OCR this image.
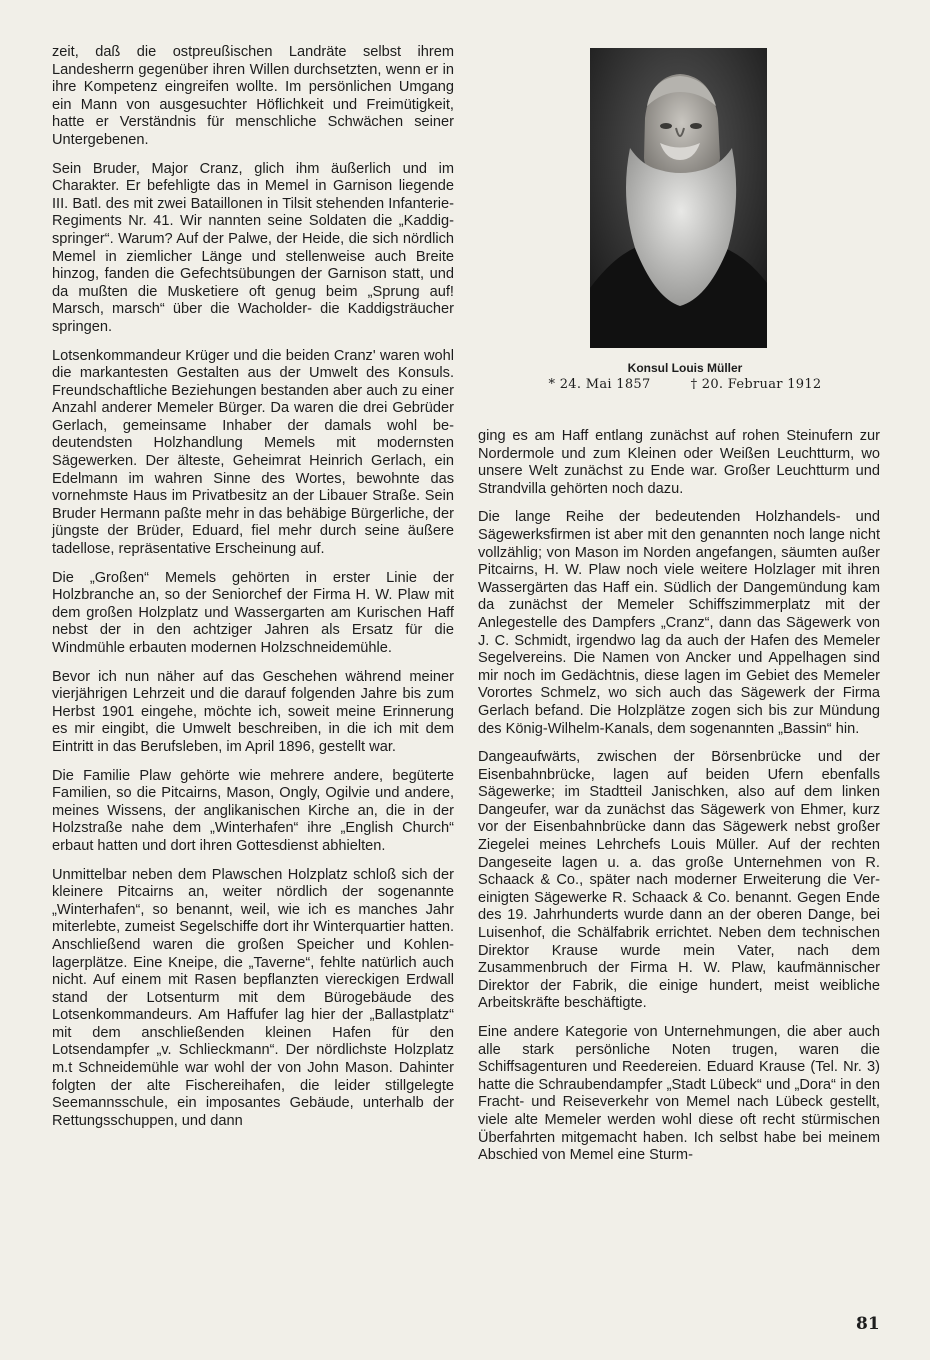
zeit, daß die ostpreußischen Landräte selbst ihrem Landesherrn gegenüber ihren Willen durchsetzten, wenn er in ihre Kompetenz eingreifen wollte. Im persönlichen Umgang ein Mann von ausgesuchter Höflichkeit und Freimütigkeit, hatte er Verständnis für menschliche Schwächen seiner Untergebenen.

Sein Bruder, Major Cranz, glich ihm äußerlich und im Charakter. Er befehligte das in Memel in Garnison liegende III. Batl. des mit zwei Bataillonen in Tilsit stehenden Infanterie-Regiments Nr. 41. Wir nannten seine Soldaten die „Kaddigspringer“. Warum? Auf der Palwe, der Heide, die sich nördlich Memel in ziemlicher Länge und stellenweise auch Breite hinzog, fanden die Gefechtsübungen der Garnison statt, und da mußten die Musketiere oft genug beim „Sprung auf! Marsch, marsch“ über die Wacholder- die Kaddigsträucher springen.

Lotsenkommandeur Krüger und die beiden Cranz' waren wohl die markantesten Gestalten aus der Umwelt des Konsuls. Freundschaftliche Beziehungen bestanden aber auch zu einer Anzahl anderer Memeler Bürger. Da waren die drei Gebrüder Gerlach, gemeinsame Inhaber der damals wohl bedeutendsten Holzhandlung Memels mit modernsten Sägewerken. Der älteste, Geheimrat Heinrich Gerlach, ein Edelmann im wahren Sinne des Wortes, bewohnte das vornehmste Haus im Privatbesitz an der Libauer Straße. Sein Bruder Hermann paßte mehr in das behäbige Bürgerliche, der jüngste der Brüder, Eduard, fiel mehr durch seine äußere tadellose, repräsentative Erscheinung auf.

Die „Großen“ Memels gehörten in erster Linie der Holzbranche an, so der Seniorchef der Firma H. W. Plaw mit dem großen Holzplatz und Wassergarten am Kurischen Haff nebst der in den achtziger Jahren als Ersatz für die Windmühle erbauten modernen Holzschneidemühle.

Bevor ich nun näher auf das Geschehen während meiner vierjährigen Lehrzeit und die darauf folgenden Jahre bis zum Herbst 1901 eingehe, möchte ich, soweit meine Erinnerung es mir eingibt, die Umwelt beschreiben, in die ich mit dem Eintritt in das Berufsleben, im April 1896, gestellt war.

Die Familie Plaw gehörte wie mehrere andere, begüterte Familien, so die Pitcairns, Mason, Ongly, Ogilvie und andere, meines Wissens, der anglikanischen Kirche an, die in der Holzstraße nahe dem „Winterhafen“ ihre „English Church“ erbaut hatten und dort ihren Gottesdienst abhielten.

Unmittelbar neben dem Plawschen Holzplatz schloß sich der kleinere Pitcairns an, weiter nördlich der sogenannte „Winterhafen“, so benannt, weil, wie ich es manches Jahr miterlebte, zumeist Segelschiffe dort ihr Winterquartier hatten. Anschließend waren die großen Speicher und Kohlenlagerplätze. Eine Kneipe, die „Taverne“, fehlte natürlich auch nicht. Auf einem mit Rasen bepflanzten viereckigen Erdwall stand der Lotsenturm mit dem Bürogebäude des Lotsenkommandeurs. Am Haffufer lag hier der „Ballastplatz“ mit dem anschließenden kleinen Hafen für den Lotsendampfer „v. Schlieckmann“. Der nördlichste Holzplatz m.t Schneidemühle war wohl der von John Mason. Dahinter folgten der alte Fischereihafen, die leider stillgelegte Seemannsschule, ein imposantes Gebäude, unterhalb der Rettungsschuppen, und dann

Konsul Louis Müller
* 24. Mai 1857	† 20. Februar 1912

ging es am Haff entlang zunächst auf rohen Steinufern zur Nordermole und zum Kleinen oder Weißen Leuchtturm, wo unsere Welt zunächst zu Ende war. Großer Leuchtturm und Strandvilla gehörten noch dazu.

Die lange Reihe der bedeutenden Holzhandels- und Sägewerksfirmen ist aber mit den genannten noch lange nicht vollzählig; von Mason im Norden angefangen, säumten außer Pitcairns, H. W. Plaw noch viele weitere Holzlager mit ihren Wassergärten das Haff ein. Südlich der Dangemündung kam da zunächst der Memeler Schiffszimmerplatz mit der Anlegestelle des Dampfers „Cranz“, dann das Sägewerk von J. C. Schmidt, irgendwo lag da auch der Hafen des Memeler Segelvereins. Die Namen von Ancker und Appelhagen sind mir noch im Gedächtnis, diese lagen im Gebiet des Memeler Vorortes Schmelz, wo sich auch das Sägewerk der Firma Gerlach befand. Die Holzplätze zogen sich bis zur Mündung des König-Wilhelm-Kanals, dem sogenannten „Bassin“ hin.

Dangeaufwärts, zwischen der Börsenbrücke und der Eisenbahnbrücke, lagen auf beiden Ufern ebenfalls Sägewerke; im Stadtteil Janischken, also auf dem linken Dangeufer, war da zunächst das Sägewerk von Ehmer, kurz vor der Eisenbahnbrücke dann das Sägewerk nebst großer Ziegelei meines Lehrchefs Louis Müller. Auf der rechten Dangeseite lagen u. a. das große Unternehmen von R. Schaack & Co., später nach moderner Erweiterung die Vereinigten Sägewerke R. Schaack & Co. benannt. Gegen Ende des 19. Jahrhunderts wurde dann an der oberen Dange, bei Luisenhof, die Schälfabrik errichtet. Neben dem technischen Direktor Krause wurde mein Vater, nach dem Zusammenbruch der Firma H. W. Plaw, kaufmännischer Direktor der Fabrik, die einige hundert, meist weibliche Arbeitskräfte beschäftigte.

Eine andere Kategorie von Unternehmungen, die aber auch alle stark persönliche Noten trugen, waren die Schiffsagenturen und Reedereien. Eduard Krause (Tel. Nr. 3) hatte die Schraubendampfer „Stadt Lübeck“ und „Dora“ in den Fracht- und Reiseverkehr von Memel nach Lübeck gestellt, viele alte Memeler werden wohl diese oft recht stürmischen Überfahrten mitgemacht haben. Ich selbst habe bei meinem Abschied von Memel eine Sturm-

81
